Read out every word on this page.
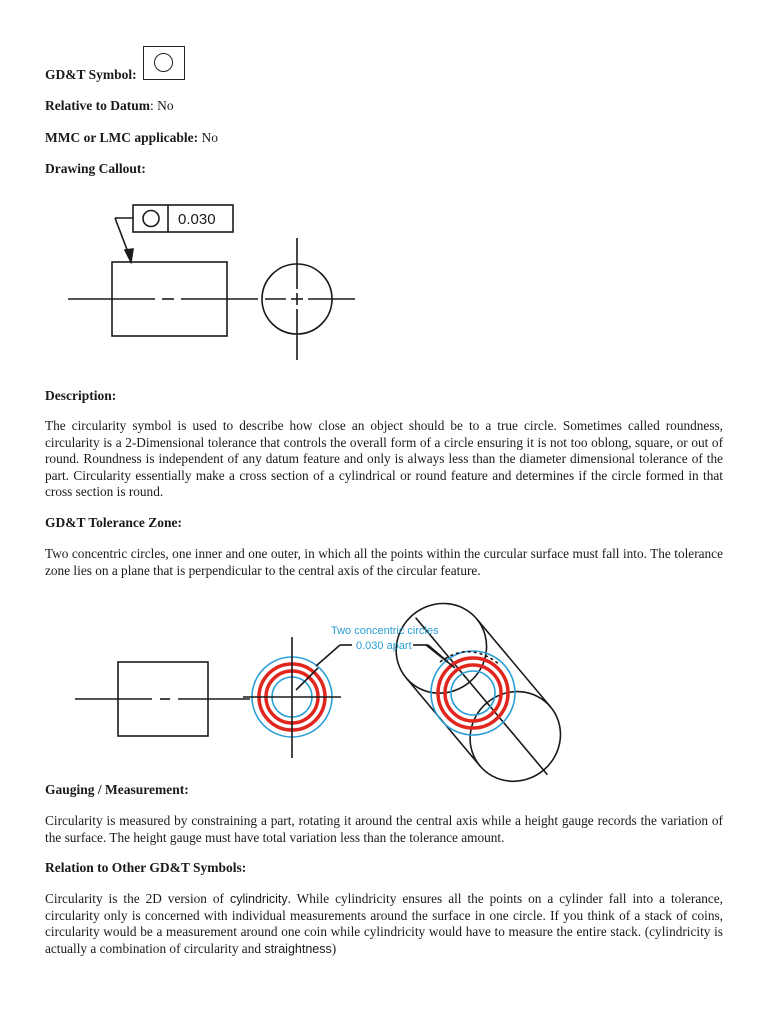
GD&T Symbol:
Relative to Datum: No
MMC or LMC applicable: No
Drawing Callout:
0.030
Description:
The circularity symbol is used to describe how close an object should be to a true circle. Sometimes called roundness, circularity is a 2-Dimensional tolerance that controls the overall form of a circle ensuring it is not too oblong, square, or out of round. Roundness is independent of any datum feature and only is always less than the diameter dimensional tolerance of the part. Circularity essentially make a cross section of a cylindrical or round feature and determines if the circle formed in that cross section is round.
GD&T Tolerance Zone:
Two concentric circles, one inner and one outer, in which all the points within the curcular surface must fall into. The tolerance zone lies on a plane that is perpendicular to the central axis of the circular feature.
Two concentric circles
0.030 apart
Gauging / Measurement:
Circularity is measured by constraining a part, rotating it around the central axis while a height gauge records the variation of the surface. The height gauge must have total variation less than the tolerance amount.
Relation to Other GD&T Symbols:
Circularity is the 2D version of cylindricity. While cylindricity ensures all the points on a cylinder fall into a tolerance, circularity only is concerned with individual measurements around the surface in one circle. If you think of a stack of coins, circularity would be a measurement around one coin while cylindricity would have to measure the entire stack. (cylindricity is actually a combination of circularity and straightness)
